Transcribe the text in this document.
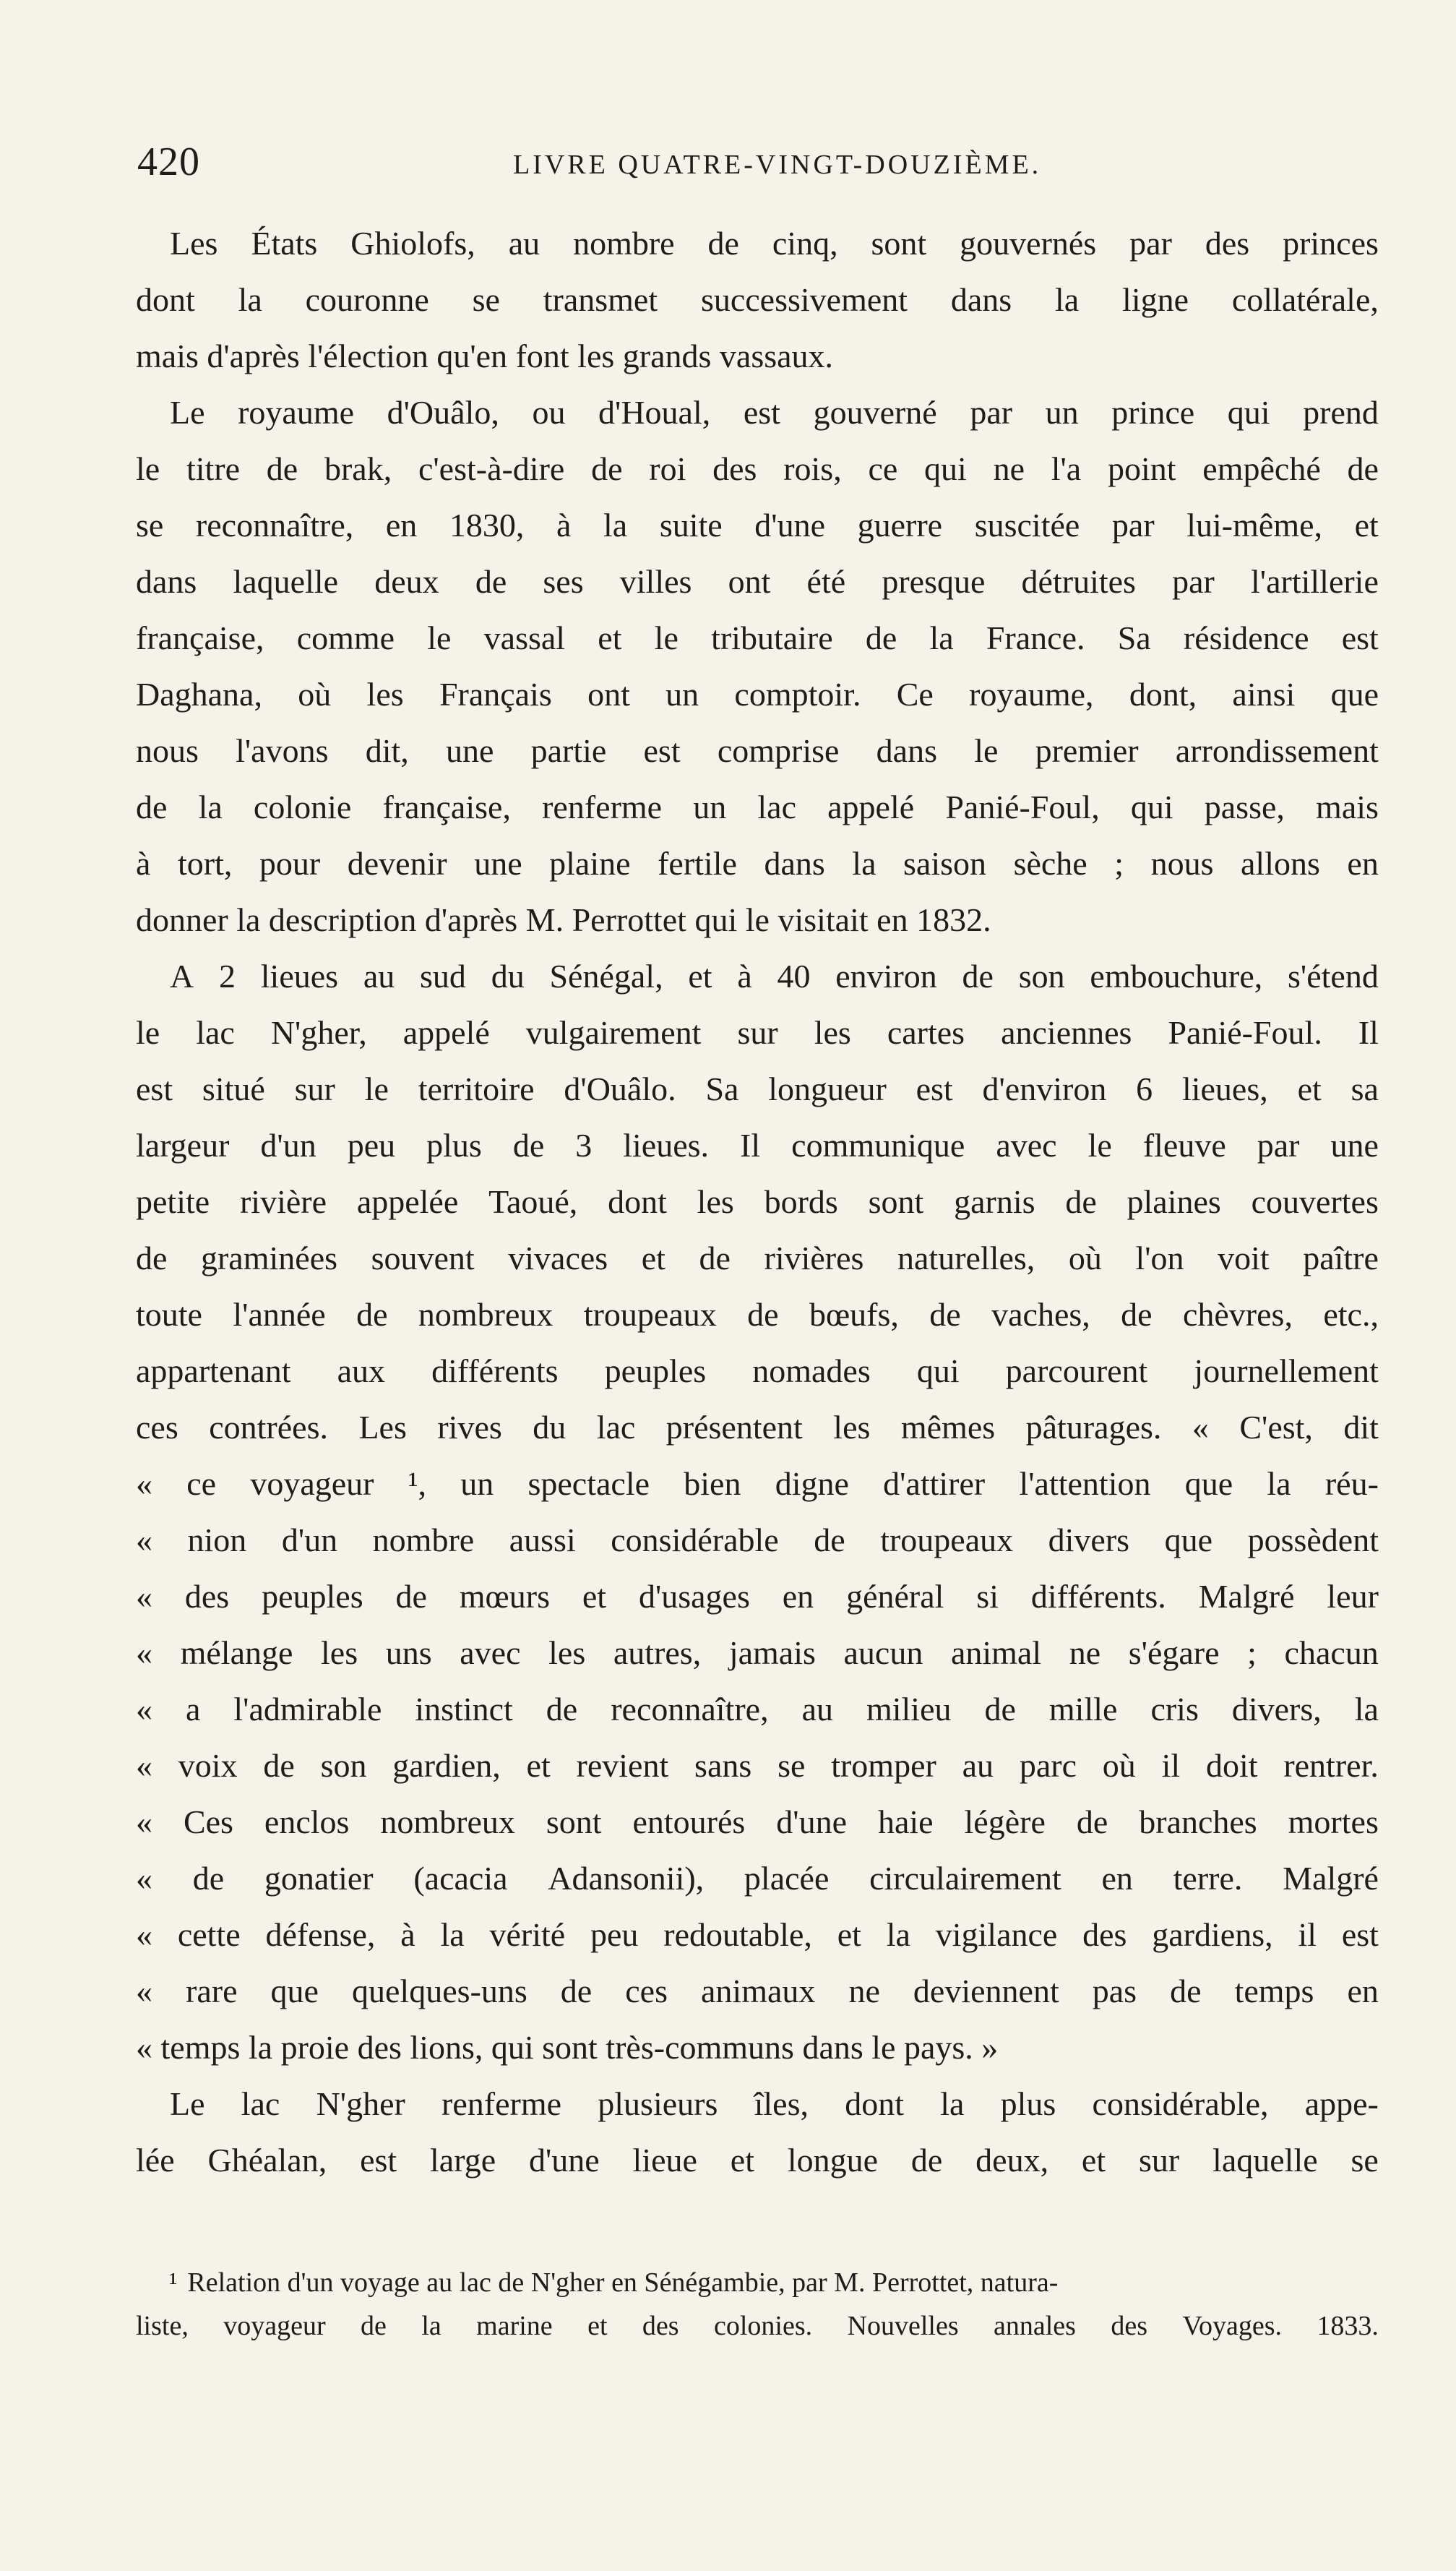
420	LIVRE QUATRE-VINGT-DOUZIÈME.
Les États Ghiolofs, au nombre de cinq, sont gouvernés par des princes
dont la couronne se transmet successivement dans la ligne collatérale,
mais d'après l'élection qu'en font les grands vassaux.
Le royaume d'Ouâlo, ou d'Houal, est gouverné par un prince qui prend
le titre de brak, c'est-à-dire de roi des rois, ce qui ne l'a point empêché de
se reconnaître, en 1830, à la suite d'une guerre suscitée par lui-même, et
dans laquelle deux de ses villes ont été presque détruites par l'artillerie
française, comme le vassal et le tributaire de la France. Sa résidence est
Daghana, où les Français ont un comptoir. Ce royaume, dont, ainsi que
nous l'avons dit, une partie est comprise dans le premier arrondissement
de la colonie française, renferme un lac appelé Panié-Foul, qui passe, mais
à tort, pour devenir une plaine fertile dans la saison sèche ; nous allons en
donner la description d'après M. Perrottet qui le visitait en 1832.
A 2 lieues au sud du Sénégal, et à 40 environ de son embouchure, s'étend
le lac N'gher, appelé vulgairement sur les cartes anciennes Panié-Foul. Il
est situé sur le territoire d'Ouâlo. Sa longueur est d'environ 6 lieues, et sa
largeur d'un peu plus de 3 lieues. Il communique avec le fleuve par une
petite rivière appelée Taoué, dont les bords sont garnis de plaines couvertes
de graminées souvent vivaces et de rivières naturelles, où l'on voit paître
toute l'année de nombreux troupeaux de bœufs, de vaches, de chèvres, etc.,
appartenant aux différents peuples nomades qui parcourent journellement
ces contrées. Les rives du lac présentent les mêmes pâturages. « C'est, dit
« ce voyageur ¹, un spectacle bien digne d'attirer l'attention que la réu-
« nion d'un nombre aussi considérable de troupeaux divers que possèdent
« des peuples de mœurs et d'usages en général si différents. Malgré leur
« mélange les uns avec les autres, jamais aucun animal ne s'égare ; chacun
« a l'admirable instinct de reconnaître, au milieu de mille cris divers, la
« voix de son gardien, et revient sans se tromper au parc où il doit rentrer.
« Ces enclos nombreux sont entourés d'une haie légère de branches mortes
« de gonatier (acacia Adansonii), placée circulairement en terre. Malgré
« cette défense, à la vérité peu redoutable, et la vigilance des gardiens, il est
« rare que quelques-uns de ces animaux ne deviennent pas de temps en
« temps la proie des lions, qui sont très-communs dans le pays. »
Le lac N'gher renferme plusieurs îles, dont la plus considérable, appe-
lée Ghéalan, est large d'une lieue et longue de deux, et sur laquelle se
¹ Relation d'un voyage au lac de N'gher en Sénégambie, par M. Perrottet, natura-
liste, voyageur de la marine et des colonies. Nouvelles annales des Voyages. 1833.
